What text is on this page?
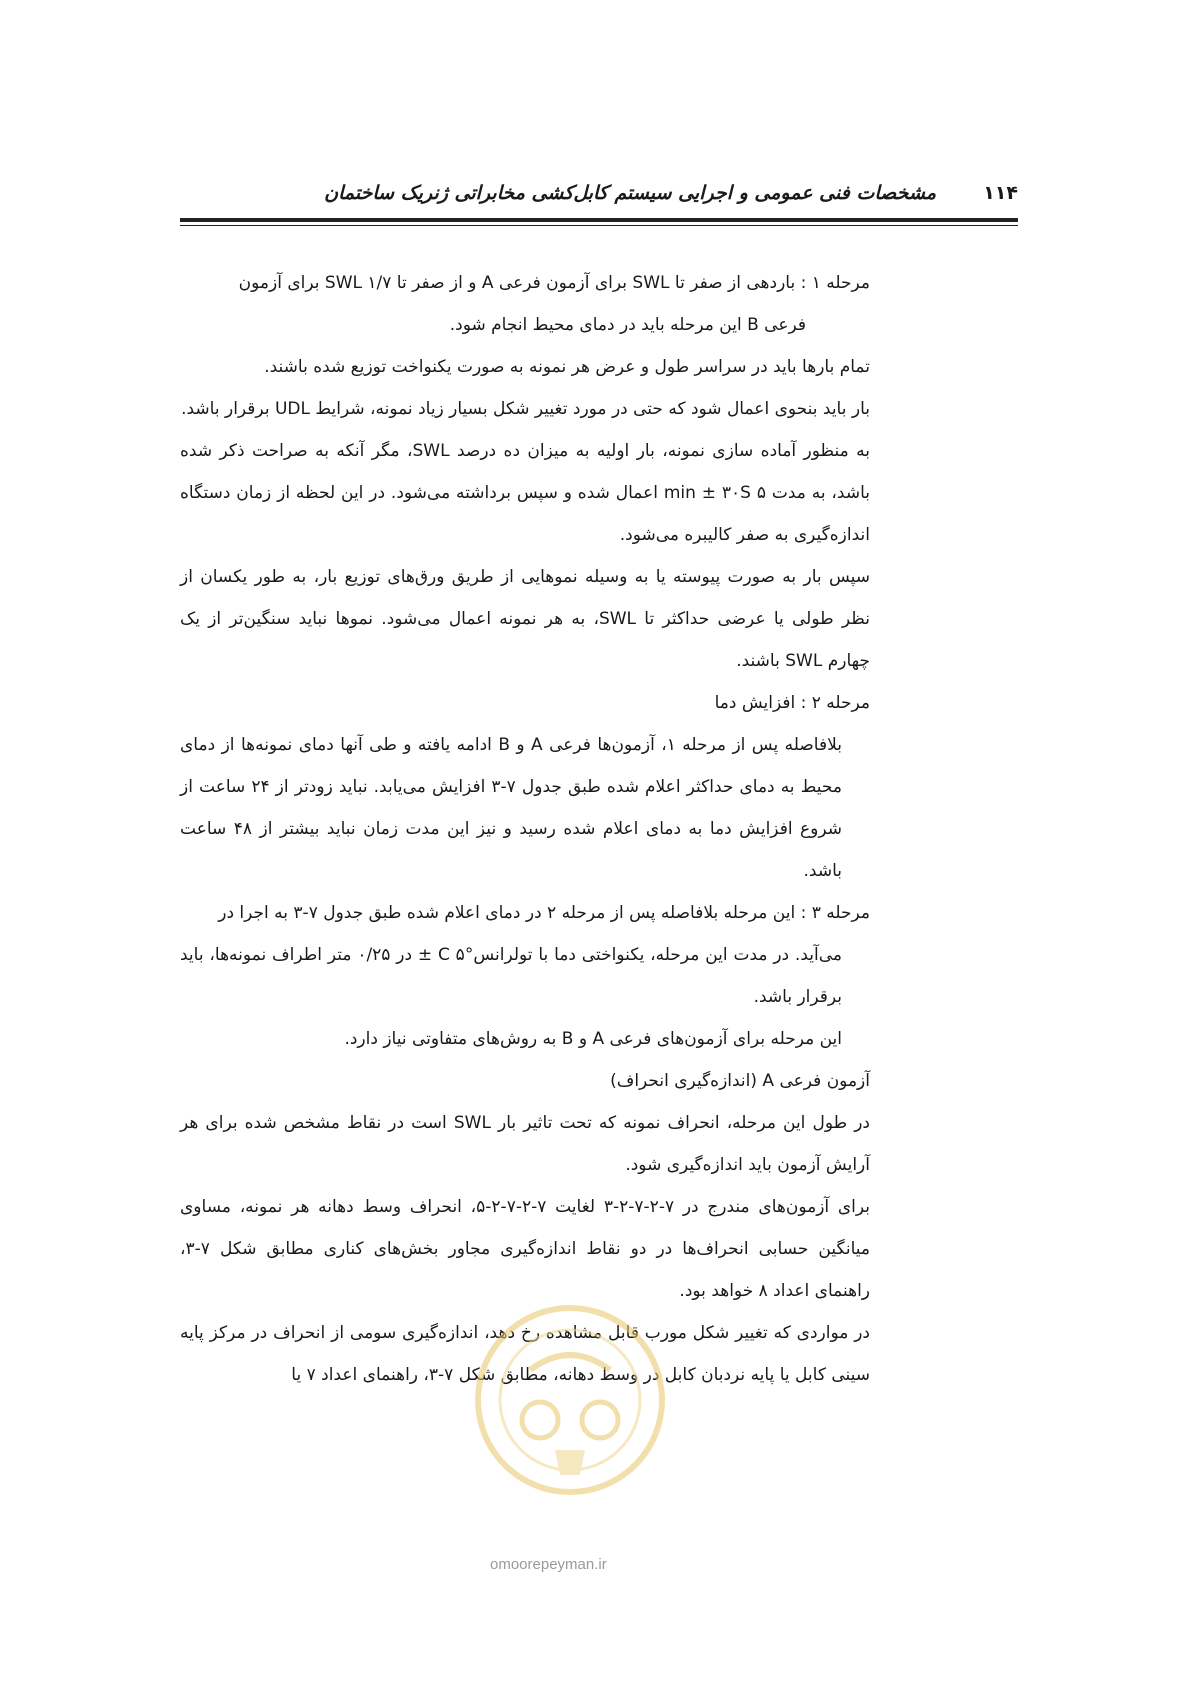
مشخصات فنی عمومی و اجرایی سیستم کابل‌کشی مخابراتی ژنریک ساختمان ۱۱۴

مرحله ۱ : باردهی از صفر تا SWL برای آزمون فرعی A و از صفر تا SWL ۱/۷ برای آزمون

فرعی B این مرحله باید در دمای محیط انجام شود.

تمام بارها باید در سراسر طول و عرض هر نمونه به صورت یکنواخت توزیع شده باشند.

بار باید بنحوی اعمال شود که حتی در مورد تغییر شکل بسیار زیاد نمونه، شرایط UDL برقرار باشد.

به منظور آماده سازی نمونه، بار اولیه به میزان ده درصد SWL، مگر آنکه به صراحت ذکر شده باشد، به مدت ۵ min ± ۳۰S اعمال شده و سپس برداشته می‌شود. در این لحظه از زمان دستگاه اندازه‌گیری به صفر کالیبره می‌شود.

سپس بار به صورت پیوسته یا به وسیله نموهایی از طریق ورق‌های توزیع بار، به طور یکسان از نظر طولی یا عرضی حداکثر تا SWL، به هر نمونه اعمال می‌شود. نموها نباید سنگین‌تر از یک چهارم SWL باشند.

مرحله ۲ : افزایش دما

بلافاصله پس از مرحله ۱، آزمون‌ها فرعی A و B ادامه یافته و طی آنها دمای نمونه‌ها از دمای محیط به دمای حداکثر اعلام شده طبق جدول ۷-۳ افزایش می‌یابد. نباید زودتر از ۲۴ ساعت از شروع افزایش دما به دمای اعلام شده رسید و نیز این مدت زمان نباید بیشتر از ۴۸ ساعت باشد.

مرحله ۳ : این مرحله بلافاصله پس از مرحله ۲ در دمای اعلام شده طبق جدول ۷-۳ به اجرا در

می‌آید. در مدت این مرحله، یکنواختی دما با تولرانس°C ۵ ± در ۰/۲۵ متر اطراف نمونه‌ها، باید برقرار باشد.

این مرحله برای آزمون‌های فرعی A و B به روش‌های متفاوتی نیاز دارد.

آزمون فرعی A (اندازه‌گیری انحراف)

در طول این مرحله، انحراف نمونه که تحت تاثیر بار SWL است در نقاط مشخص شده برای هر آرایش آزمون باید اندازه‌گیری شود.

برای آزمون‌های مندرج در ۷-۲-۷-۲-۳ لغایت ۷-۲-۷-۲-۵، انحراف وسط دهانه هر نمونه، مساوی میانگین حسابی انحراف‌ها در دو نقاط اندازه‌گیری مجاور بخش‌های کناری مطابق شکل ۷-۳، راهنمای اعداد ۸ خواهد بود.

در مواردی که تغییر شکل مورب قابل مشاهده رخ دهد، اندازه‌گیری سومی از انحراف در مرکز پایه سینی کابل یا پایه نردبان کابل در وسط دهانه، مطابق شکل ۷-۳، راهنمای اعداد ۷ یا

omoorepeyman.ir
